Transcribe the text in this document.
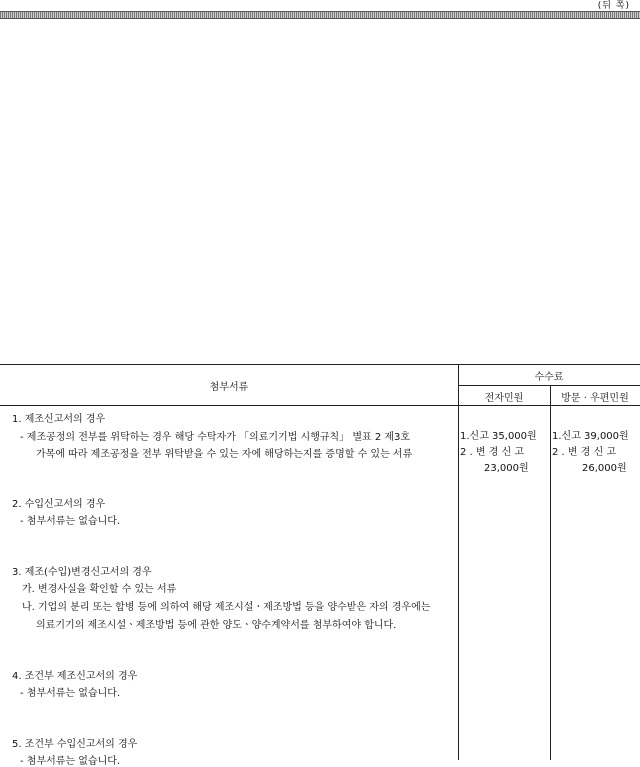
(뒤 쪽)
첨부서류
수수료
전자민원	방문 · 우편민원
1. 제조신고서의 경우
- 제조공정의 전부를 위탁하는 경우 해당 수탁자가 「의료기기법 시행규칙」 별표 2 제3호
가목에 따라 제조공정을 전부 위탁받을 수 있는 자에 해당하는지를 증명할 수 있는 서류
2. 수입신고서의 경우
- 첨부서류는 없습니다.
3. 제조(수입)변경신고서의 경우
가. 변경사실을 확인할 수 있는 서류
나. 기업의 분리 또는 합병 등에 의하여 해당 제조시설ㆍ제조방법 등을 양수받은 자의 경우에는
의료기기의 제조시설ㆍ제조방법 등에 관한 양도ㆍ양수계약서를 첨부하여야 합니다.
4. 조건부 제조신고서의 경우
- 첨부서류는 없습니다.
5. 조건부 수입신고서의 경우
- 첨부서류는 없습니다.
1.신고 35,000원
2 . 변 경 신 고
23,000원
1.신고 39,000원
2 . 변 경 신 고
26,000원
